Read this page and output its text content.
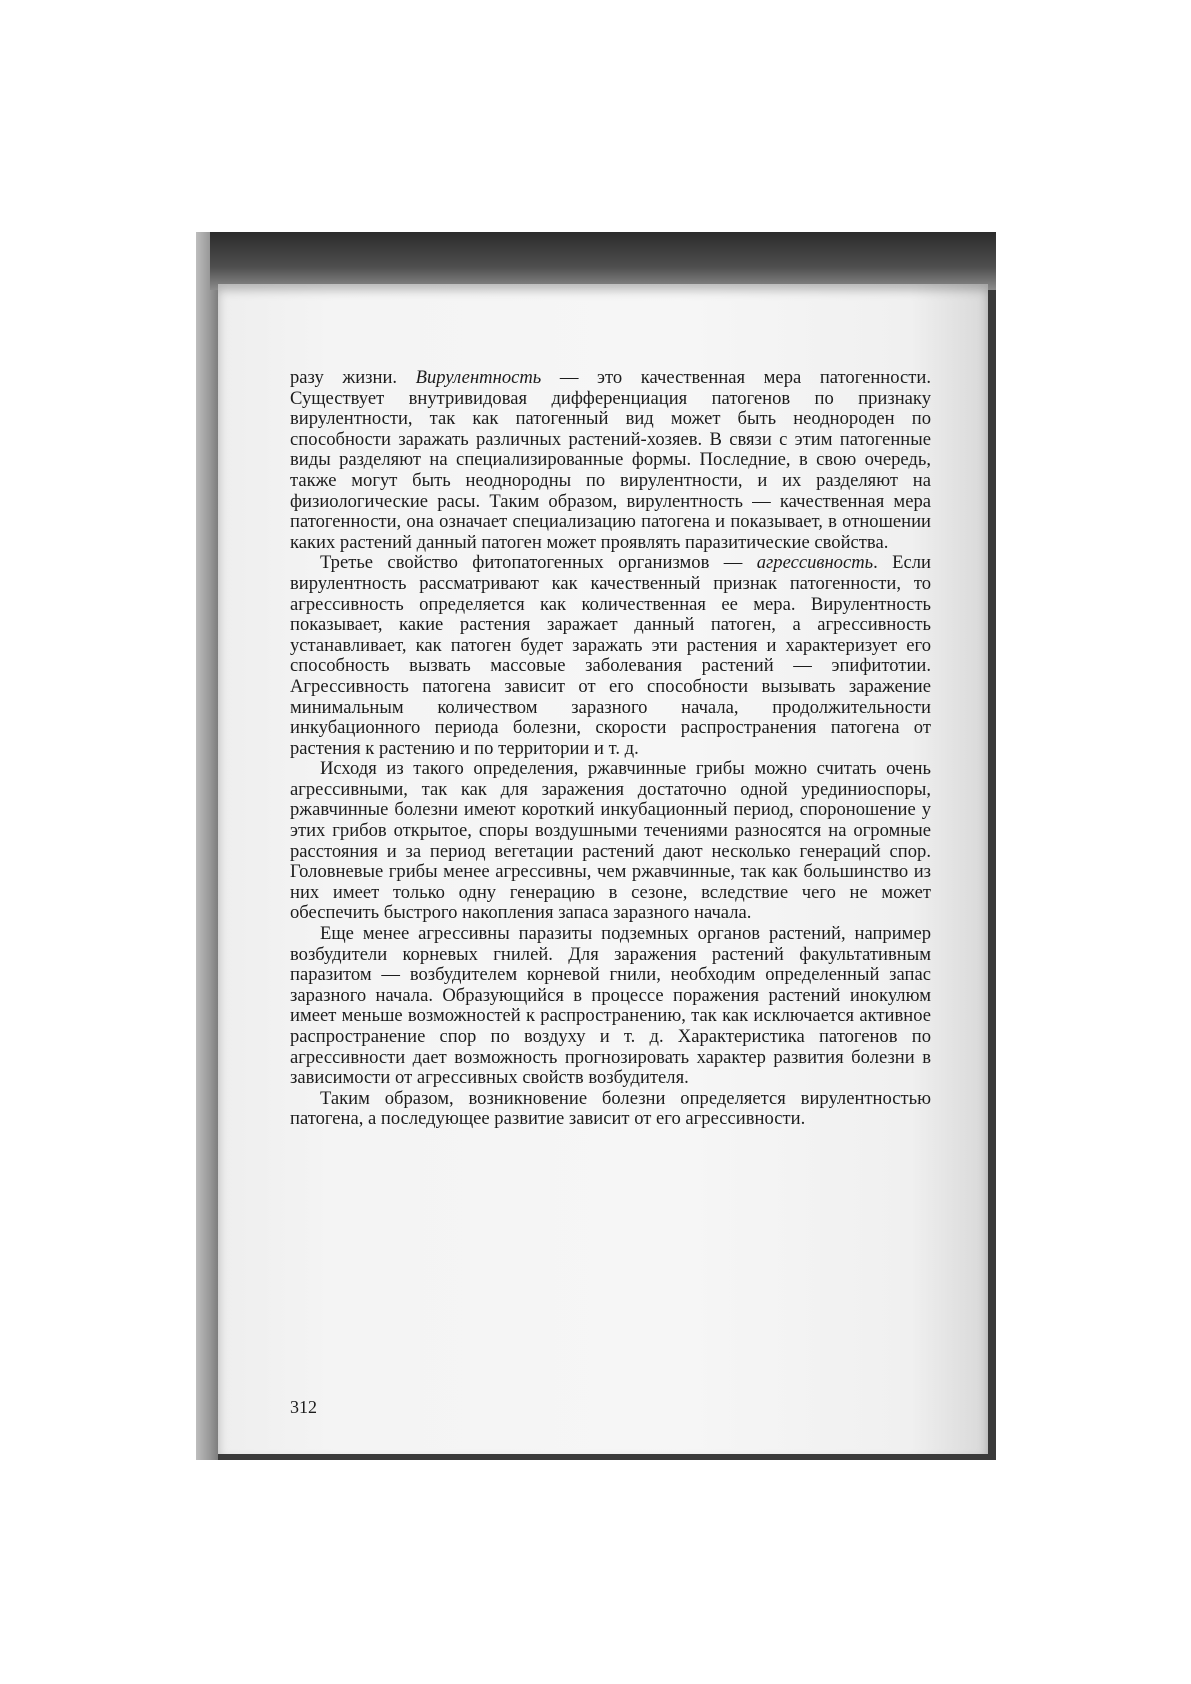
разу жизни. Вирулентность — это качественная мера патогенности. Существует внутривидовая дифференциация патогенов по признаку вирулентности, так как патогенный вид может быть неоднороден по способности заражать различных растений-хозяев. В связи с этим патогенные виды разделяют на специализированные формы. Последние, в свою очередь, также могут быть неоднородны по вирулентности, и их разделяют на физиологические расы. Таким образом, вирулентность — качественная мера патогенности, она означает специализацию патогена и показывает, в отношении каких растений данный патоген может проявлять паразитические свойства.

Третье свойство фитопатогенных организмов — агрессивность. Если вирулентность рассматривают как качественный признак патогенности, то агрессивность определяется как количественная ее мера. Вирулентность показывает, какие растения заражает данный патоген, а агрессивность устанавливает, как патоген будет заражать эти растения и характеризует его способность вызвать массовые заболевания растений — эпифитотии. Агрессивность патогена зависит от его способности вызывать заражение минимальным количеством заразного начала, продолжительности инкубационного периода болезни, скорости распространения патогена от растения к растению и по территории и т. д.

Исходя из такого определения, ржавчинные грибы можно считать очень агрессивными, так как для заражения достаточно одной урединиоспоры, ржавчинные болезни имеют короткий инкубационный период, спороношение у этих грибов открытое, споры воздушными течениями разносятся на огромные расстояния и за период вегетации растений дают несколько генераций спор. Головневые грибы менее агрессивны, чем ржавчинные, так как большинство из них имеет только одну генерацию в сезоне, вследствие чего не может обеспечить быстрого накопления запаса заразного начала.

Еще менее агрессивны паразиты подземных органов растений, например возбудители корневых гнилей. Для заражения растений факультативным паразитом — возбудителем корневой гнили, необходим определенный запас заразного начала. Образующийся в процессе поражения растений инокулюм имеет меньше возможностей к распространению, так как исключается активное распространение спор по воздуху и т. д. Характеристика патогенов по агрессивности дает возможность прогнозировать характер развития болезни в зависимости от агрессивных свойств возбудителя.

Таким образом, возникновение болезни определяется вирулентностью патогена, а последующее развитие зависит от его агрессивности.

312
